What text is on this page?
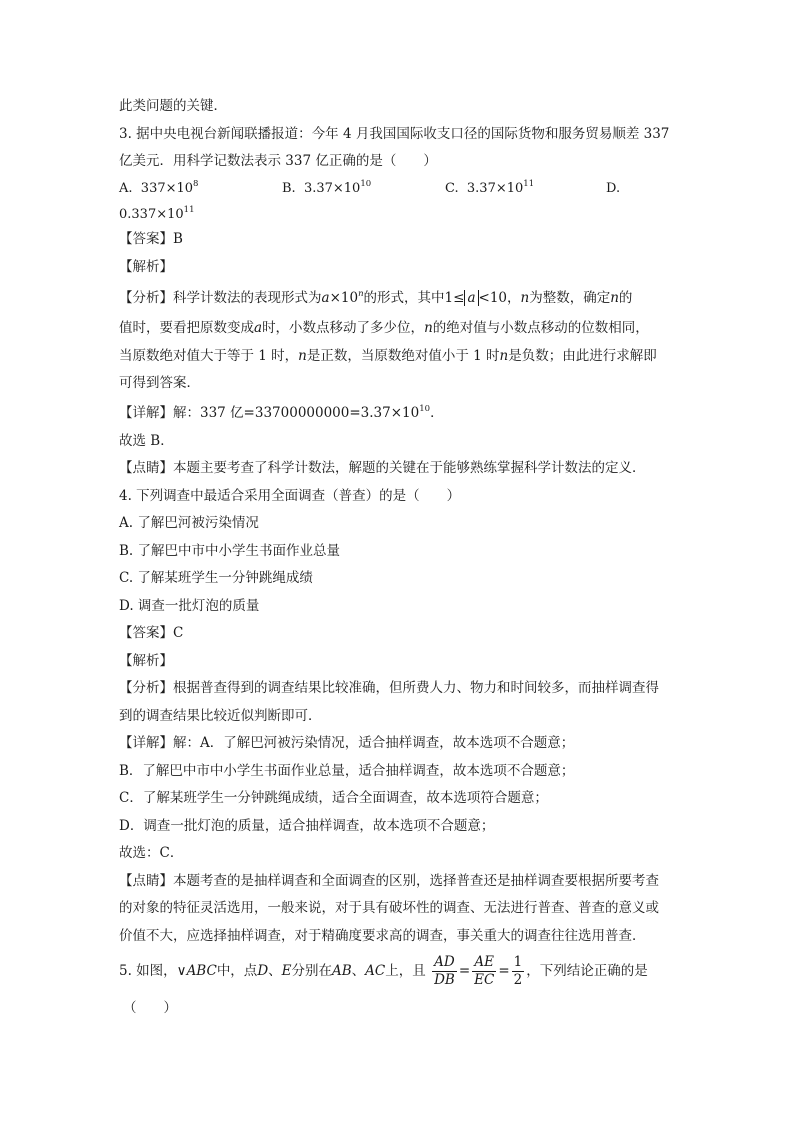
此类问题的关键．
3. 据中央电视台新闻联播报道：今年 4 月我国国际收支口径的国际货物和服务贸易顺差 337
亿美元．用科学记数法表示 337 亿正确的是（　　）
A. $337\times 10^8$	B. $3.37\times 10^{10}$	C. $3.37\times 10^{11}$	D.
$0.337\times 10^{11}$
【答案】B
【解析】
【分析】科学计数法的表现形式为$a\times 10^n$的形式，其中1≤ a <10，n为整数，确定n的
值时，要看把原数变成a时，小数点移动了多少位，n的绝对值与小数点移动的位数相同，
当原数绝对值大于等于 1 时，n是正数，当原数绝对值小于 1 时n是负数；由此进行求解即
可得到答案．
【详解】解：337 亿$=33700000000=3.37\times 10^{10}$．
故选 B．
【点睛】本题主要考查了科学计数法，解题的关键在于能够熟练掌握科学计数法的定义．
4. 下列调查中最适合采用全面调查（普查）的是（　　）
A. 了解巴河被污染情况
B. 了解巴中市中小学生书面作业总量
C. 了解某班学生一分钟跳绳成绩
D. 调查一批灯泡的质量
【答案】C
【解析】
【分析】根据普查得到的调查结果比较准确，但所费人力、物力和时间较多，而抽样调查得
到的调查结果比较近似判断即可．
【详解】解：A．了解巴河被污染情况，适合抽样调查，故本选项不合题意；
B．了解巴中市中小学生书面作业总量，适合抽样调查，故本选项不合题意；
C．了解某班学生一分钟跳绳成绩，适合全面调查，故本选项符合题意；
D．调查一批灯泡的质量，适合抽样调查，故本选项不合题意；
故选：C．
【点睛】本题考查的是抽样调查和全面调查的区别，选择普查还是抽样调查要根据所要考查
的对象的特征灵活选用，一般来说，对于具有破坏性的调查、无法进行普查、普查的意义或
价值不大，应选择抽样调查，对于精确度要求高的调查，事关重大的调查往往选用普查．
5. 如图，∨ABC中，点D、E分别在AB、AC上，且 $\frac{AD}{DB} = \frac{AE}{EC} = \frac{1}{2}$ ，下列结论正确的是
（　　）
